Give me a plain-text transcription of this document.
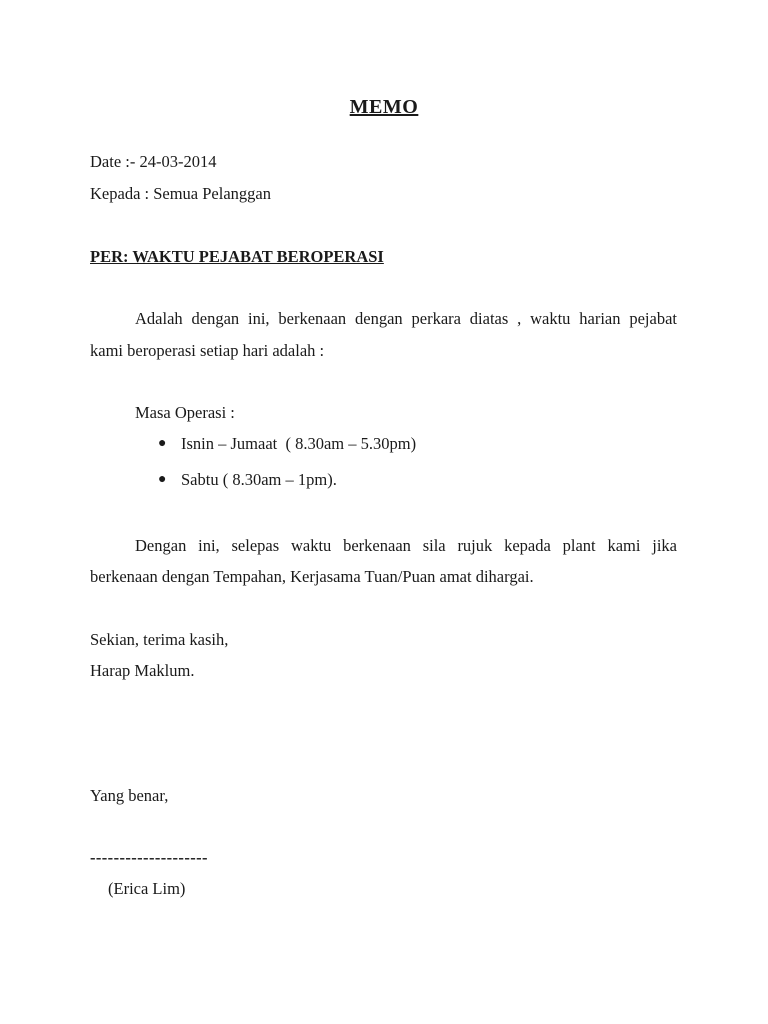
MEMO
Date :- 24-03-2014
Kepada : Semua Pelanggan
PER: WAKTU PEJABAT BEROPERASI
Adalah dengan ini, berkenaan dengan perkara diatas , waktu harian pejabat
kami beroperasi setiap hari adalah :
Masa Operasi :
● Isnin – Jumaat  ( 8.30am – 5.30pm)
● Sabtu ( 8.30am – 1pm).
Dengan ini, selepas waktu berkenaan sila rujuk kepada plant kami jika
berkenaan dengan Tempahan, Kerjasama Tuan/Puan amat dihargai.
Sekian, terima kasih,
Harap Maklum.
Yang benar,
--------------------
(Erica Lim)
